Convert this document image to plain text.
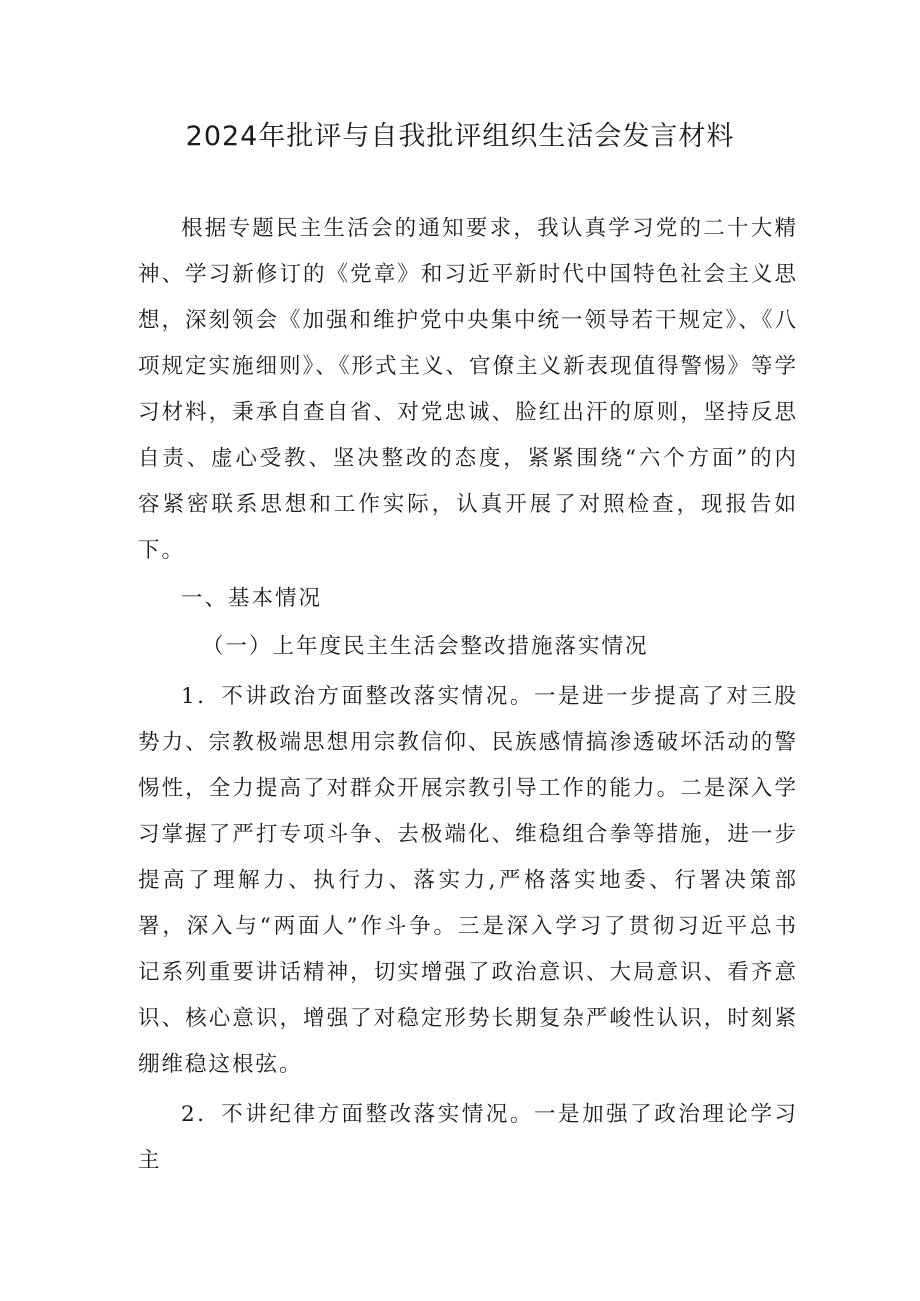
2024年批评与自我批评组织生活会发言材料

根据专题民主生活会的通知要求，我认真学习党的二十大精神、学习新修订的《党章》和习近平新时代中国特色社会主义思想，深刻领会《加强和维护党中央集中统一领导若干规定》、《八项规定实施细则》、《形式主义、官僚主义新表现值得警惕》等学习材料，秉承自查自省、对党忠诚、脸红出汗的原则，坚持反思自责、虚心受教、坚决整改的态度，紧紧围绕“六个方面”的内容紧密联系思想和工作实际，认真开展了对照检查，现报告如下。

一、基本情况

（一）上年度民主生活会整改措施落实情况

1．不讲政治方面整改落实情况。一是进一步提高了对三股势力、宗教极端思想用宗教信仰、民族感情搞渗透破坏活动的警惕性，全力提高了对群众开展宗教引导工作的能力。二是深入学习掌握了严打专项斗争、去极端化、维稳组合拳等措施，进一步提高了理解力、执行力、落实力,严格落实地委、行署决策部署，深入与“两面人”作斗争。三是深入学习了贯彻习近平总书记系列重要讲话精神，切实增强了政治意识、大局意识、看齐意识、核心意识，增强了对稳定形势长期复杂严峻性认识，时刻紧绷维稳这根弦。

2．不讲纪律方面整改落实情况。一是加强了政治理论学习主
